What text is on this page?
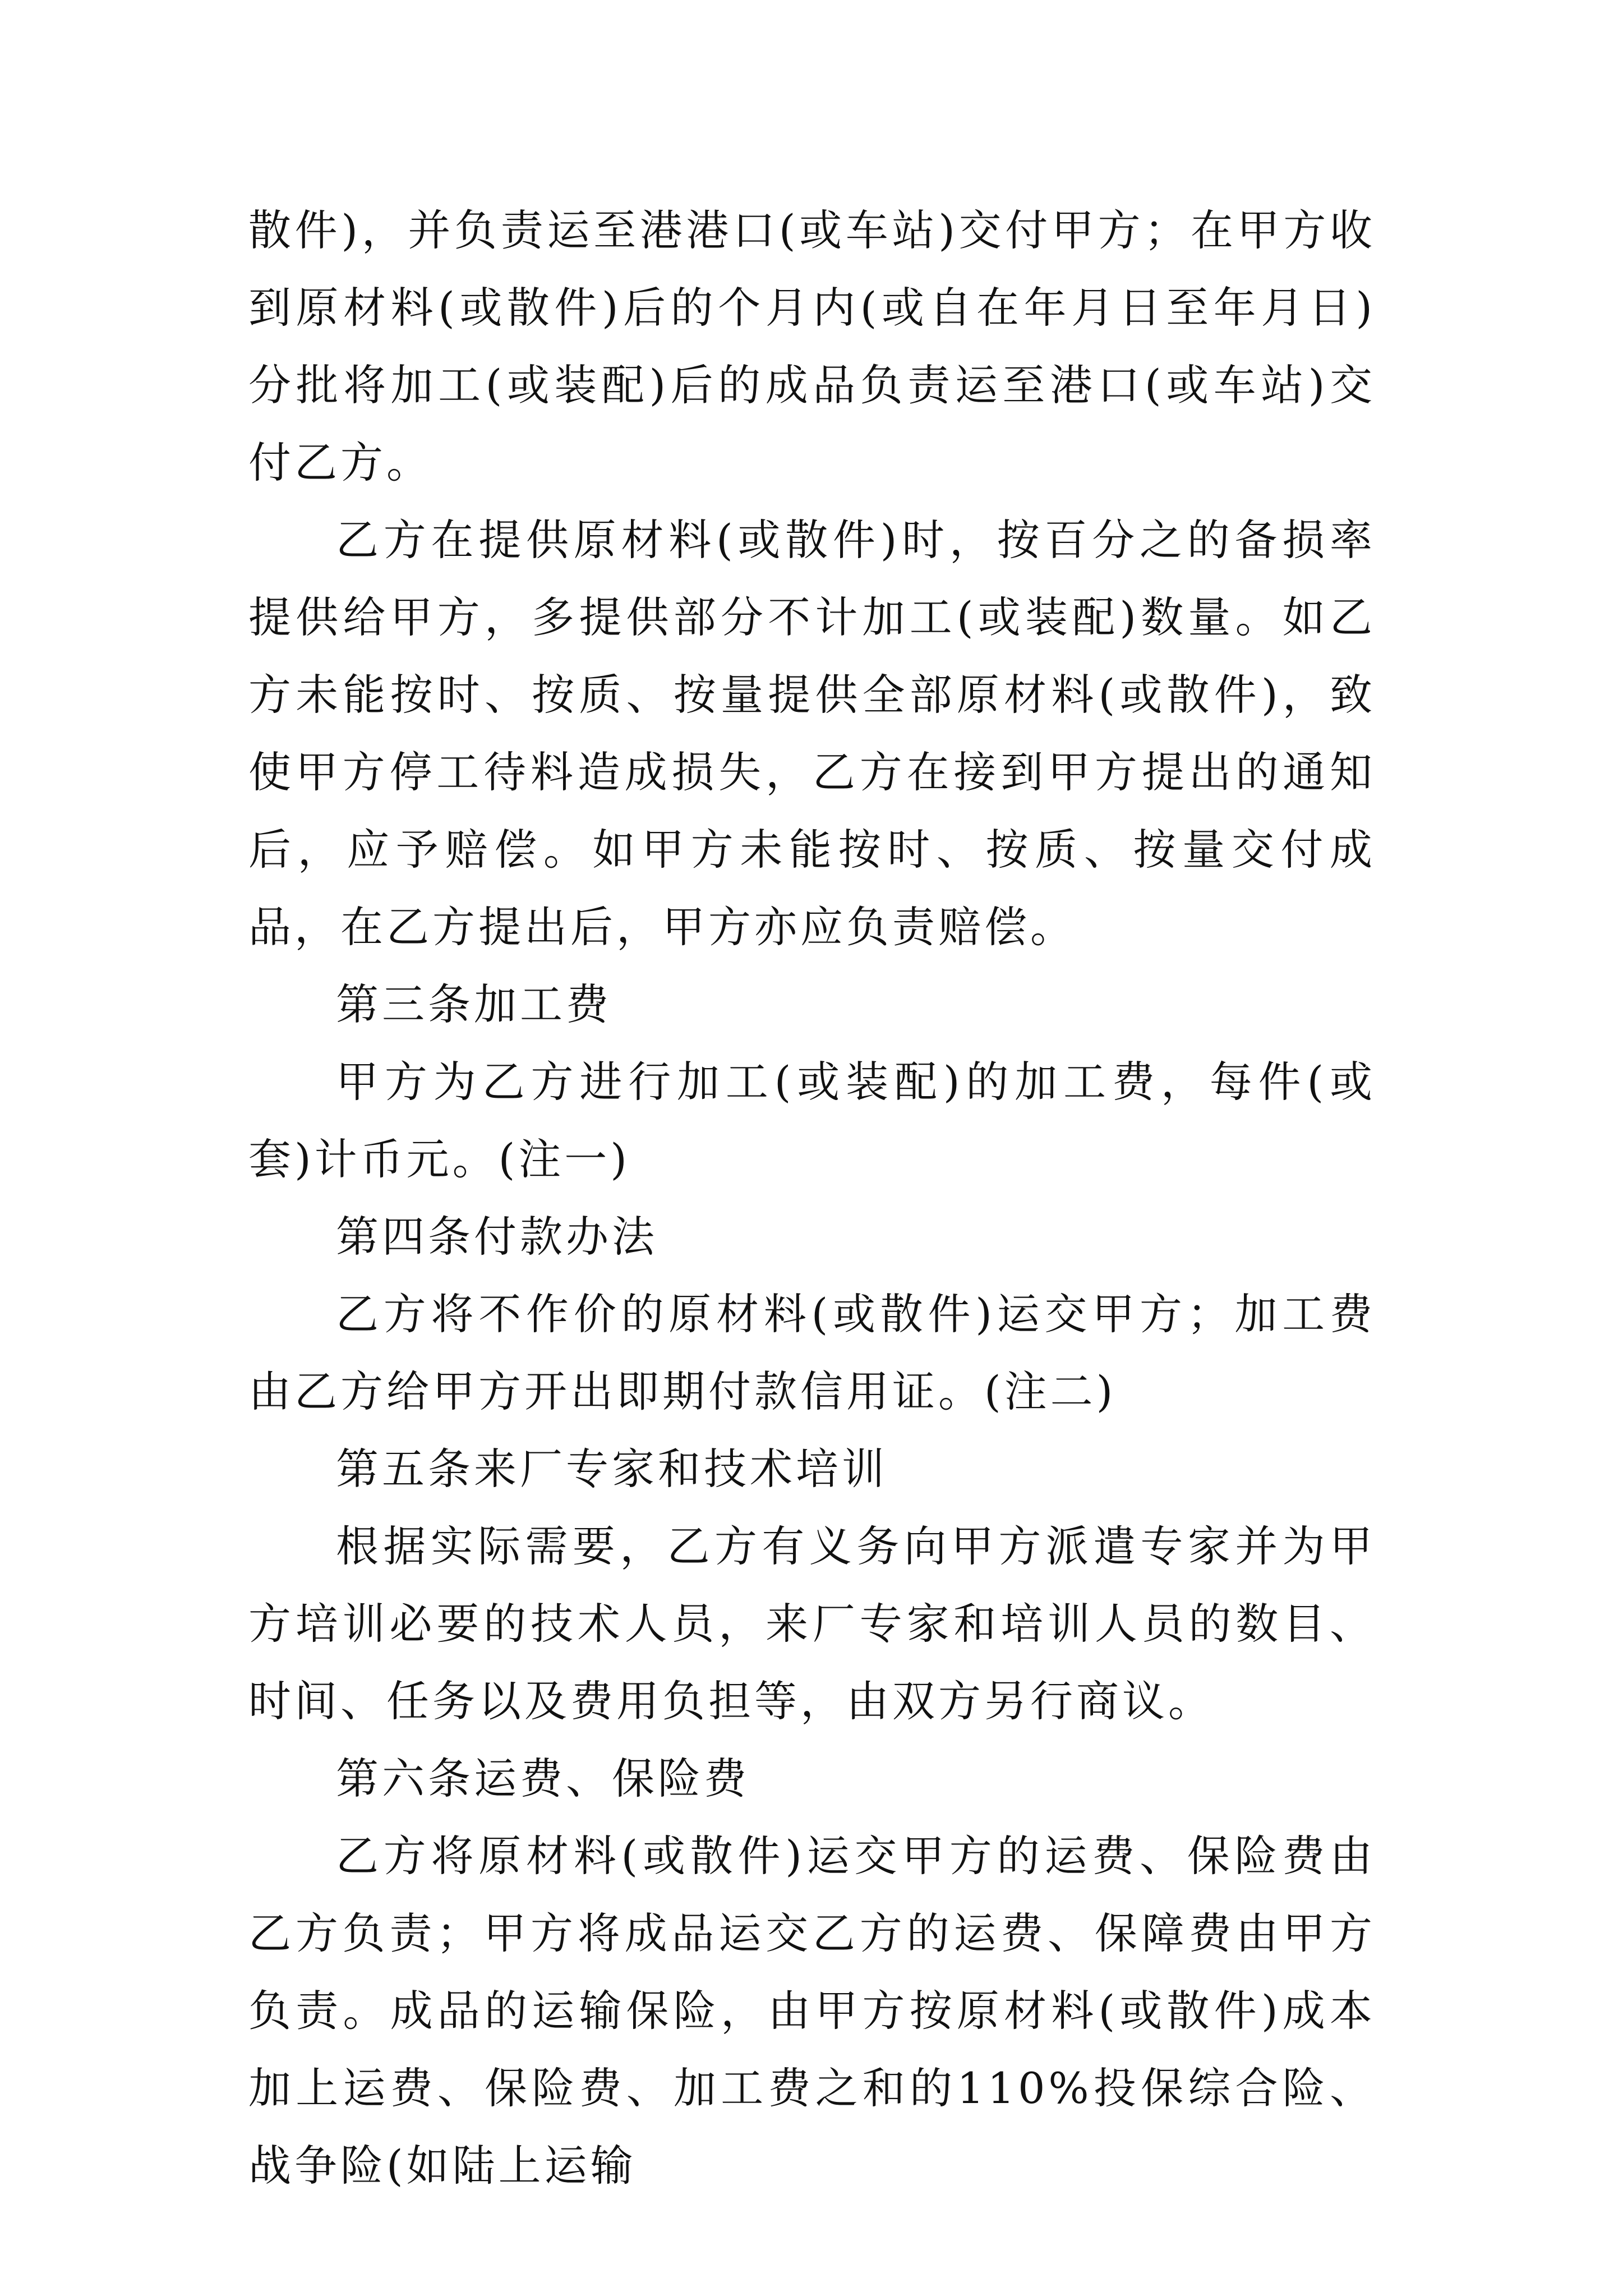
散件)，并负责运至港港口(或车站)交付甲方；在甲方收到原材料(或散件)后的个月内(或自在年月日至年月日)分批将加工(或装配)后的成品负责运至港口(或车站)交付乙方。

乙方在提供原材料(或散件)时，按百分之的备损率提供给甲方，多提供部分不计加工(或装配)数量。如乙方未能按时、按质、按量提供全部原材料(或散件)，致使甲方停工待料造成损失，乙方在接到甲方提出的通知后，应予赔偿。如甲方未能按时、按质、按量交付成品，在乙方提出后，甲方亦应负责赔偿。

第三条加工费

甲方为乙方进行加工(或装配)的加工费，每件(或套)计币元。(注一)

第四条付款办法

乙方将不作价的原材料(或散件)运交甲方；加工费由乙方给甲方开出即期付款信用证。(注二)

第五条来厂专家和技术培训

根据实际需要，乙方有义务向甲方派遣专家并为甲方培训必要的技术人员，来厂专家和培训人员的数目、时间、任务以及费用负担等，由双方另行商议。

第六条运费、保险费

乙方将原材料(或散件)运交甲方的运费、保险费由乙方负责；甲方将成品运交乙方的运费、保障费由甲方负责。成品的运输保险，由甲方按原材料(或散件)成本加上运费、保险费、加工费之和的110%投保综合险、战争险(如陆上运输
